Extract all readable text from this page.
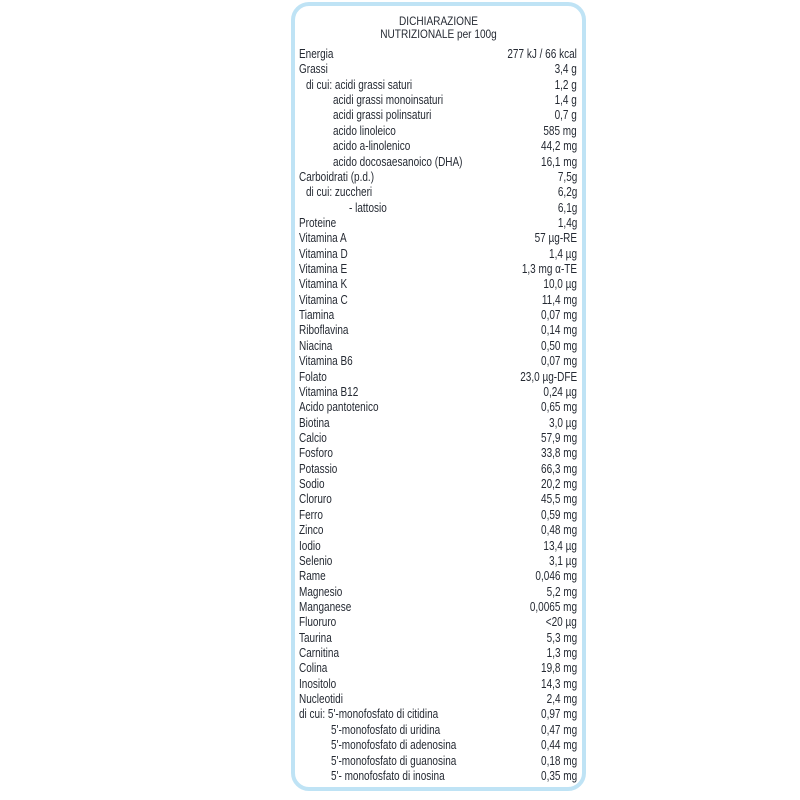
DICHIARAZIONE
NUTRIZIONALE per 100g
Energia	277 kJ / 66 kcal
Grassi	3,4 g
di cui: acidi grassi saturi	1,2 g
acidi grassi monoinsaturi	1,4 g
acidi grassi polinsaturi	0,7 g
acido linoleico	585 mg
acido a-linolenico	44,2 mg
acido docosaesanoico (DHA)	16,1 mg
Carboidrati (p.d.)	7,5g
di cui: zuccheri	6,2g
- lattosio	6,1g
Proteine	1,4g
Vitamina A	57 µg-RE
Vitamina D	1,4 µg
Vitamina E	1,3 mg α-TE
Vitamina K	10,0 µg
Vitamina C	11,4 mg
Tiamina	0,07 mg
Riboflavina	0,14 mg
Niacina	0,50 mg
Vitamina B6	0,07 mg
Folato	23,0 µg-DFE
Vitamina B12	0,24 µg
Acido pantotenico	0,65 mg
Biotina	3,0 µg
Calcio	57,9 mg
Fosforo	33,8 mg
Potassio	66,3 mg
Sodio	20,2 mg
Cloruro	45,5 mg
Ferro	0,59 mg
Zinco	0,48 mg
Iodio	13,4 µg
Selenio	3,1 µg
Rame	0,046 mg
Magnesio	5,2 mg
Manganese	0,0065 mg
Fluoruro	<20 µg
Taurina	5,3 mg
Carnitina	1,3 mg
Colina	19,8 mg
Inositolo	14,3 mg
Nucleotidi	2,4 mg
di cui: 5'-monofosfato di citidina	0,97 mg
5'-monofosfato di uridina	0,47 mg
5'-monofosfato di adenosina	0,44 mg
5'-monofosfato di guanosina	0,18 mg
5'- monofosfato di inosina	0,35 mg
